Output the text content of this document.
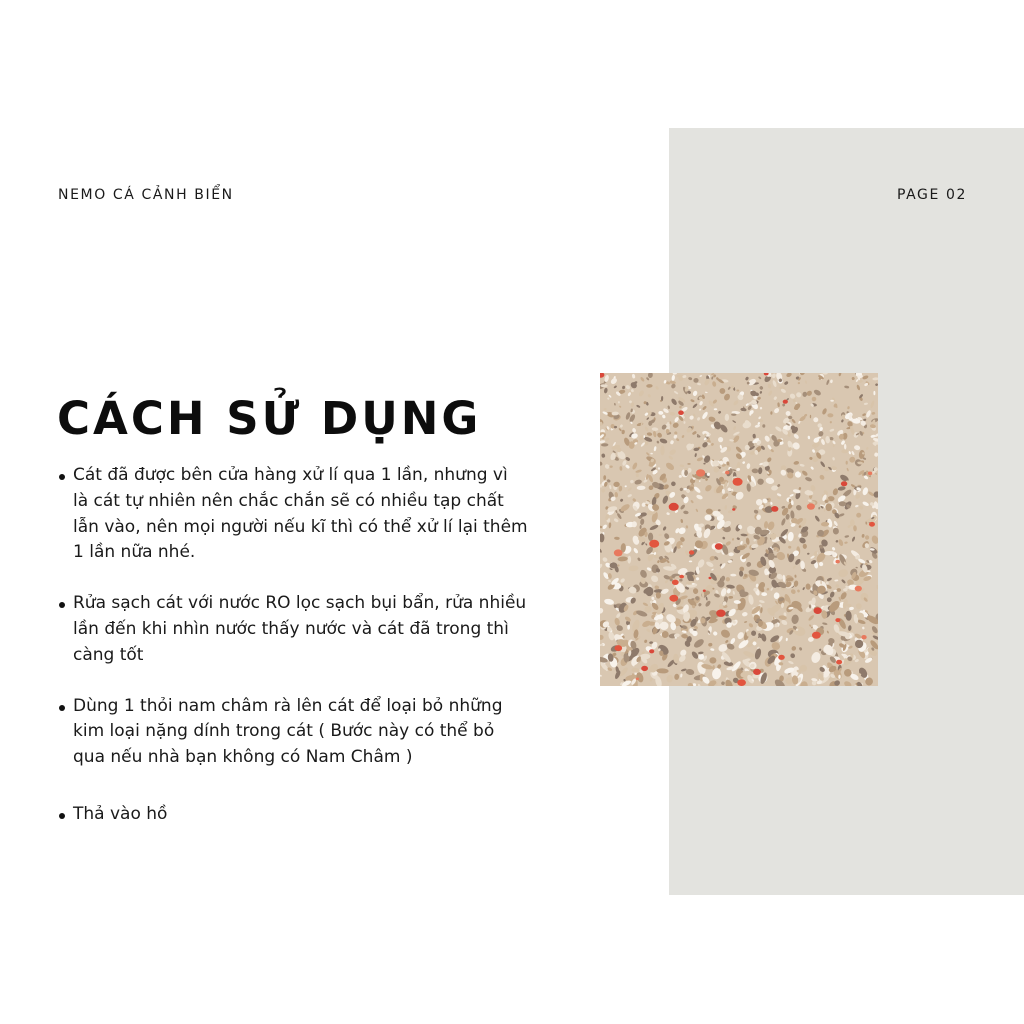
NEMO CÁ CẢNH BIỂN	PAGE 02
CÁCH SỬ DỤNG
Cát đã được bên cửa hàng xử lí qua 1 lần, nhưng vì là cát tự nhiên nên chắc chắn sẽ có nhiều tạp chất lẫn vào, nên mọi người nếu kĩ thì có thể xử lí lại thêm 1 lần nữa nhé.
Rửa sạch cát với nước RO lọc sạch bụi bẩn, rửa nhiều lần đến khi nhìn nước thấy nước và cát đã trong thì càng tốt
Dùng 1 thỏi nam châm rà lên cát để loại bỏ những kim loại nặng dính trong cát ( Bước này có thể bỏ qua nếu nhà bạn không có Nam Châm )
Thả vào hồ
